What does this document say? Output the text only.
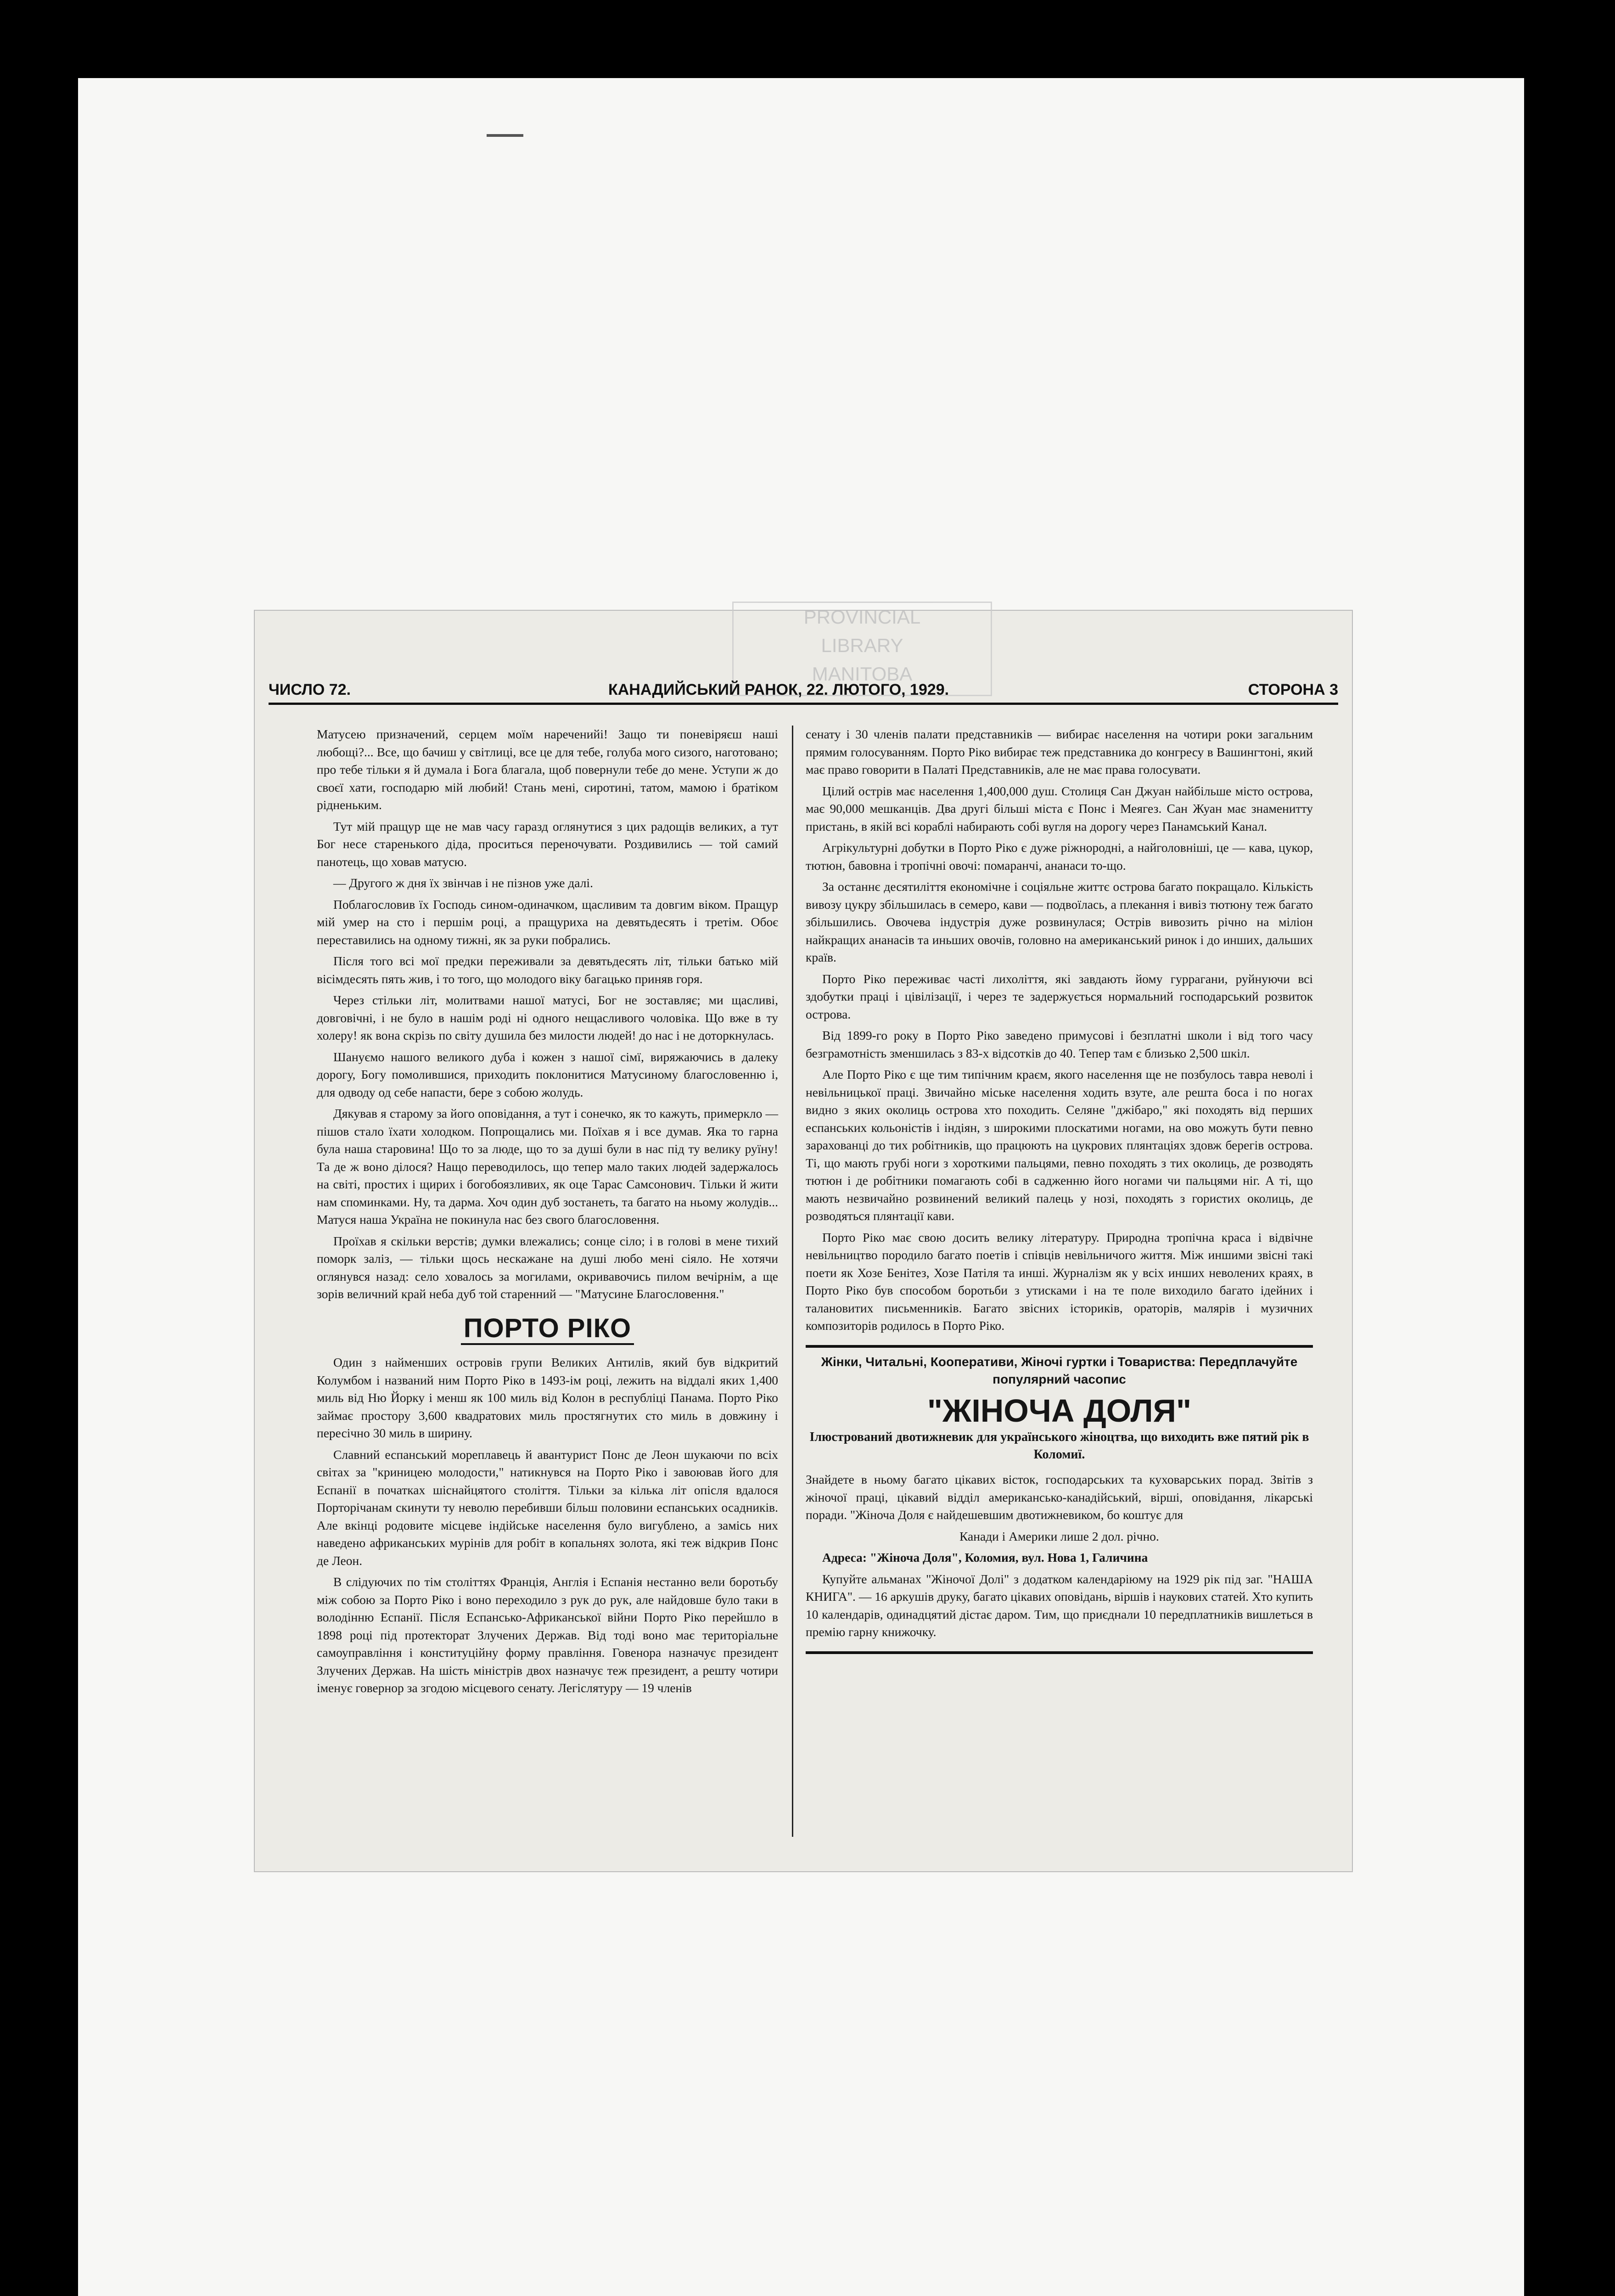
PROVINCIAL
LIBRARY
MANITOBA
ЧИСЛО 72.	КАНАДИЙСЬКИЙ РАНОК, 22. ЛЮТОГО, 1929.	СТОРОНА 3

Матусею призначений, серцем моїм нареченийі! Защо ти поневіряєш наші любощі?... Все, що бачиш у світлиці, все це для тебе, голуба мого сизого, наготовано; про тебе тільки я й думала і Бога благала, щоб повернули тебе до мене. Уступи ж до своєї хати, господарю мій любий! Стань мені, сиротині, татом, мамою і братіком рідненьким.

Тут мій пращур ще не мав часу гаразд оглянутися з цих радощів великих, а тут Бог несе старенького діда, проситься переночувати. Роздивились — той самий панотець, що ховав матусю.

— Другого ж дня їх звінчав і не пізнов уже далі.

Поблагословив їх Господь сином-одиначком, щасливим та довгим віком. Пращур мій умер на сто і першім році, а пращуриха на девятьдесять і третім. Обоє переставились на одному тижні, як за руки побрались.

Після того всі мої предки переживали за девятьдесять літ, тільки батько мій вісімдесять пять жив, і то того, що молодого віку багацько приняв горя.

Через стільки літ, молитвами нашої матусі, Бог не зоставляє; ми щасливі, довговічні, і не було в нашім роді ні одного нещасливого чоловіка. Що вже в ту холеру! як вона скрізь по світу душила без милости людей! до нас і не доторкнулась.

Шануємо нашого великого дуба і кожен з нашої сімї, виряжаючись в далеку дорогу, Богу помолившися, приходить поклонитися Матусиному благословенню і, для одводу од себе напасти, бере з собою жолудь.

Дякував я старому за його оповідання, а тут і сонечко, як то кажуть, примеркло — пішов стало їхати холодком. Попрощались ми. Поїхав я і все думав. Яка то гарна була наша старовина! Що то за люде, що то за душі були в нас під ту велику руїну! Та де ж воно ділося? Нащо переводилось, що тепер мало таких людей задержалось на світі, простих і щирих і богобоязливих, як оце Тарас Самсонович. Тільки й жити нам споминками. Ну, та дарма. Хоч один дуб зостанеть, та багато на ньому жолудів... Матуся наша Україна не покинула нас без свого благословення.

Проїхав я скільки верстів; думки влежались; сонце сіло; і в голові в мене тихий поморк заліз, — тільки щось нескажане на душі любо мені сіяло. Не хотячи оглянувся назад: село ховалось за могилами, окривавочись пилом вечірнім, а ще зорів величний край неба дуб той старенний — "Матусине Благословення."

ПОРТО РІКО

Один з найменших островів групи Великих Антилів, який був відкритий Колумбом і названий ним Порто Ріко в 1493-ім році, лежить на віддалі яких 1,400 миль від Ню Йорку і менш як 100 миль від Колон в республіці Панама. Порто Ріко займає простору 3,600 квадратових миль простягнутих сто миль в довжину і пересічно 30 миль в ширину.

Славний еспанський мореплавець й авантурист Понс де Леон шукаючи по всіх світах за "криницею молодости," натикнувся на Порто Ріко і завоював його для Еспанії в початках шіснайцятого століття. Тільки за кілька літ опісля вдалося Порторічанам скинути ту неволю перебивши більш половини еспанських осадників. Але вкінці родовите місцеве індійське населення було вигублено, а замісь них наведено африканських мурінів для робіт в копальнях золота, які теж відкрив Понс де Леон.

В слідуючих по тім століттях Франція, Англія і Еспанія нестанно вели боротьбу між собою за Порто Ріко і воно переходило з рук до рук, але найдовше було таки в володінню Еспанії. Після Еспансько-Африканської війни Порто Ріко перейшло в 1898 році під протекторат Злучених Держав. Від тоді воно має територіальне самоуправління і конституційну форму правління. Говенора назначує президент Злучених Держав. На шість міністрів двох назначує теж президент, а решту чотири іменує говернор за згодою місцевого сенату. Легіслятуру — 19 членів

сенату і 30 членів палати представників — вибирає населення на чотири роки загальним прямим голосуванням. Порто Ріко вибирає теж представника до конгресу в Вашингтоні, який має право говорити в Палаті Представників, але не має права голосувати.

Цілий острів має населення 1,400,000 душ. Столиця Сан Джуан найбільше місто острова, має 90,000 мешканців. Два другі більші міста є Понс і Меягез. Сан Жуан має знаменитту пристань, в якій всі кораблі набирають собі вугля на дорогу через Панамський Канал.

Агрікультурні добутки в Порто Ріко є дуже ріжнородні, а найголовніші, це — кава, цукор, тютюн, бавовна і тропічні овочі: помаранчі, ананаси то-що.

За останнє десятиліття економічне і соціяльне життє острова багато покращало. Кількість вивозу цукру збільшилась в семеро, кави — подвоїлась, а плекання і вивіз тютюну теж багато збільшились. Овочева індустрія дуже розвинулася; Острів вивозить річно на міліон найкращих ананасів та иньших овочів, головно на американський ринок і до инших, дальших країв.

Порто Ріко переживає часті лихоліття, які завдають йому гуррагани, руйнуючи всі здобутки праці і цівілізації, і через те задержується нормальний господарський розвиток острова.

Від 1899-го року в Порто Ріко заведено примусові і безплатні школи і від того часу безграмотність зменшилась з 83-х відсотків до 40. Тепер там є близько 2,500 шкіл.

Але Порто Ріко є ще тим типічним краєм, якого населення ще не позбулось тавра неволі і невільницької праці. Звичайно міське населення ходить взуте, але решта боса і по ногах видно з яких околиць острова хто походить. Селяне "джібаро," які походять від перших еспанських кольоністів і індіян, з широкими плоскатими ногами, на ово можуть бути певно зарахованці до тих робітників, що працюють на цукрових плянтаціях здовж берегів острова. Ті, що мають грубі ноги з хороткими пальцями, певно походять з тих околиць, де розводять тютюн і де робітники помагають собі в садженню його ногами чи пальцями ніг. А ті, що мають незвичайно розвинений великий палець у нозі, походять з гористих околиць, де розводяться плянтації кави.

Порто Ріко має свою досить велику літературу. Природна тропічна краса і відвічне невільництво породило багато поетів і співців невільничого життя. Між иншими звісні такі поети як Хозе Бенітез, Хозе Патіля та инші. Журналізм як у всіх инших неволених краях, в Порто Ріко був способом боротьби з утисками і на те поле виходило багато ідейних і талановитих письменників. Багато звісних істориків, ораторів, малярів і музичних композиторів родилось в Порто Ріко.

Жінки, Читальні, Кооперативи, Жіночі гуртки і Товариства: Передплачуйте популярний часопис
"ЖІНОЧА ДОЛЯ"
Ілюстрований двотижневик для українського жіноцтва, що виходить вже пятий рік в Коломиї.

Знайдете в ньому багато цікавих вісток, господарських та куховарських порад. Звітів з жіночої праці, цікавий відділ американсько-канадійський, вірші, оповідання, лікарські поради. "Жіноча Доля є найдешевшим двотижневиком, бо коштує для

Канади і Америки лише 2 дол. річно.

Адреса: "Жіноча Доля", Коломия, вул. Нова 1, Галичина

Купуйте альманах "Жіночої Долі" з додатком календаріюму на 1929 рік під заг. "НАША КНИГА". — 16 аркушів друку, багато цікавих оповідань, віршів і наукових статей. Хто купить 10 календарів, одинадцятий дістає даром. Тим, що приєднали 10 передплатників вишлеться в премію гарну книжочку.
